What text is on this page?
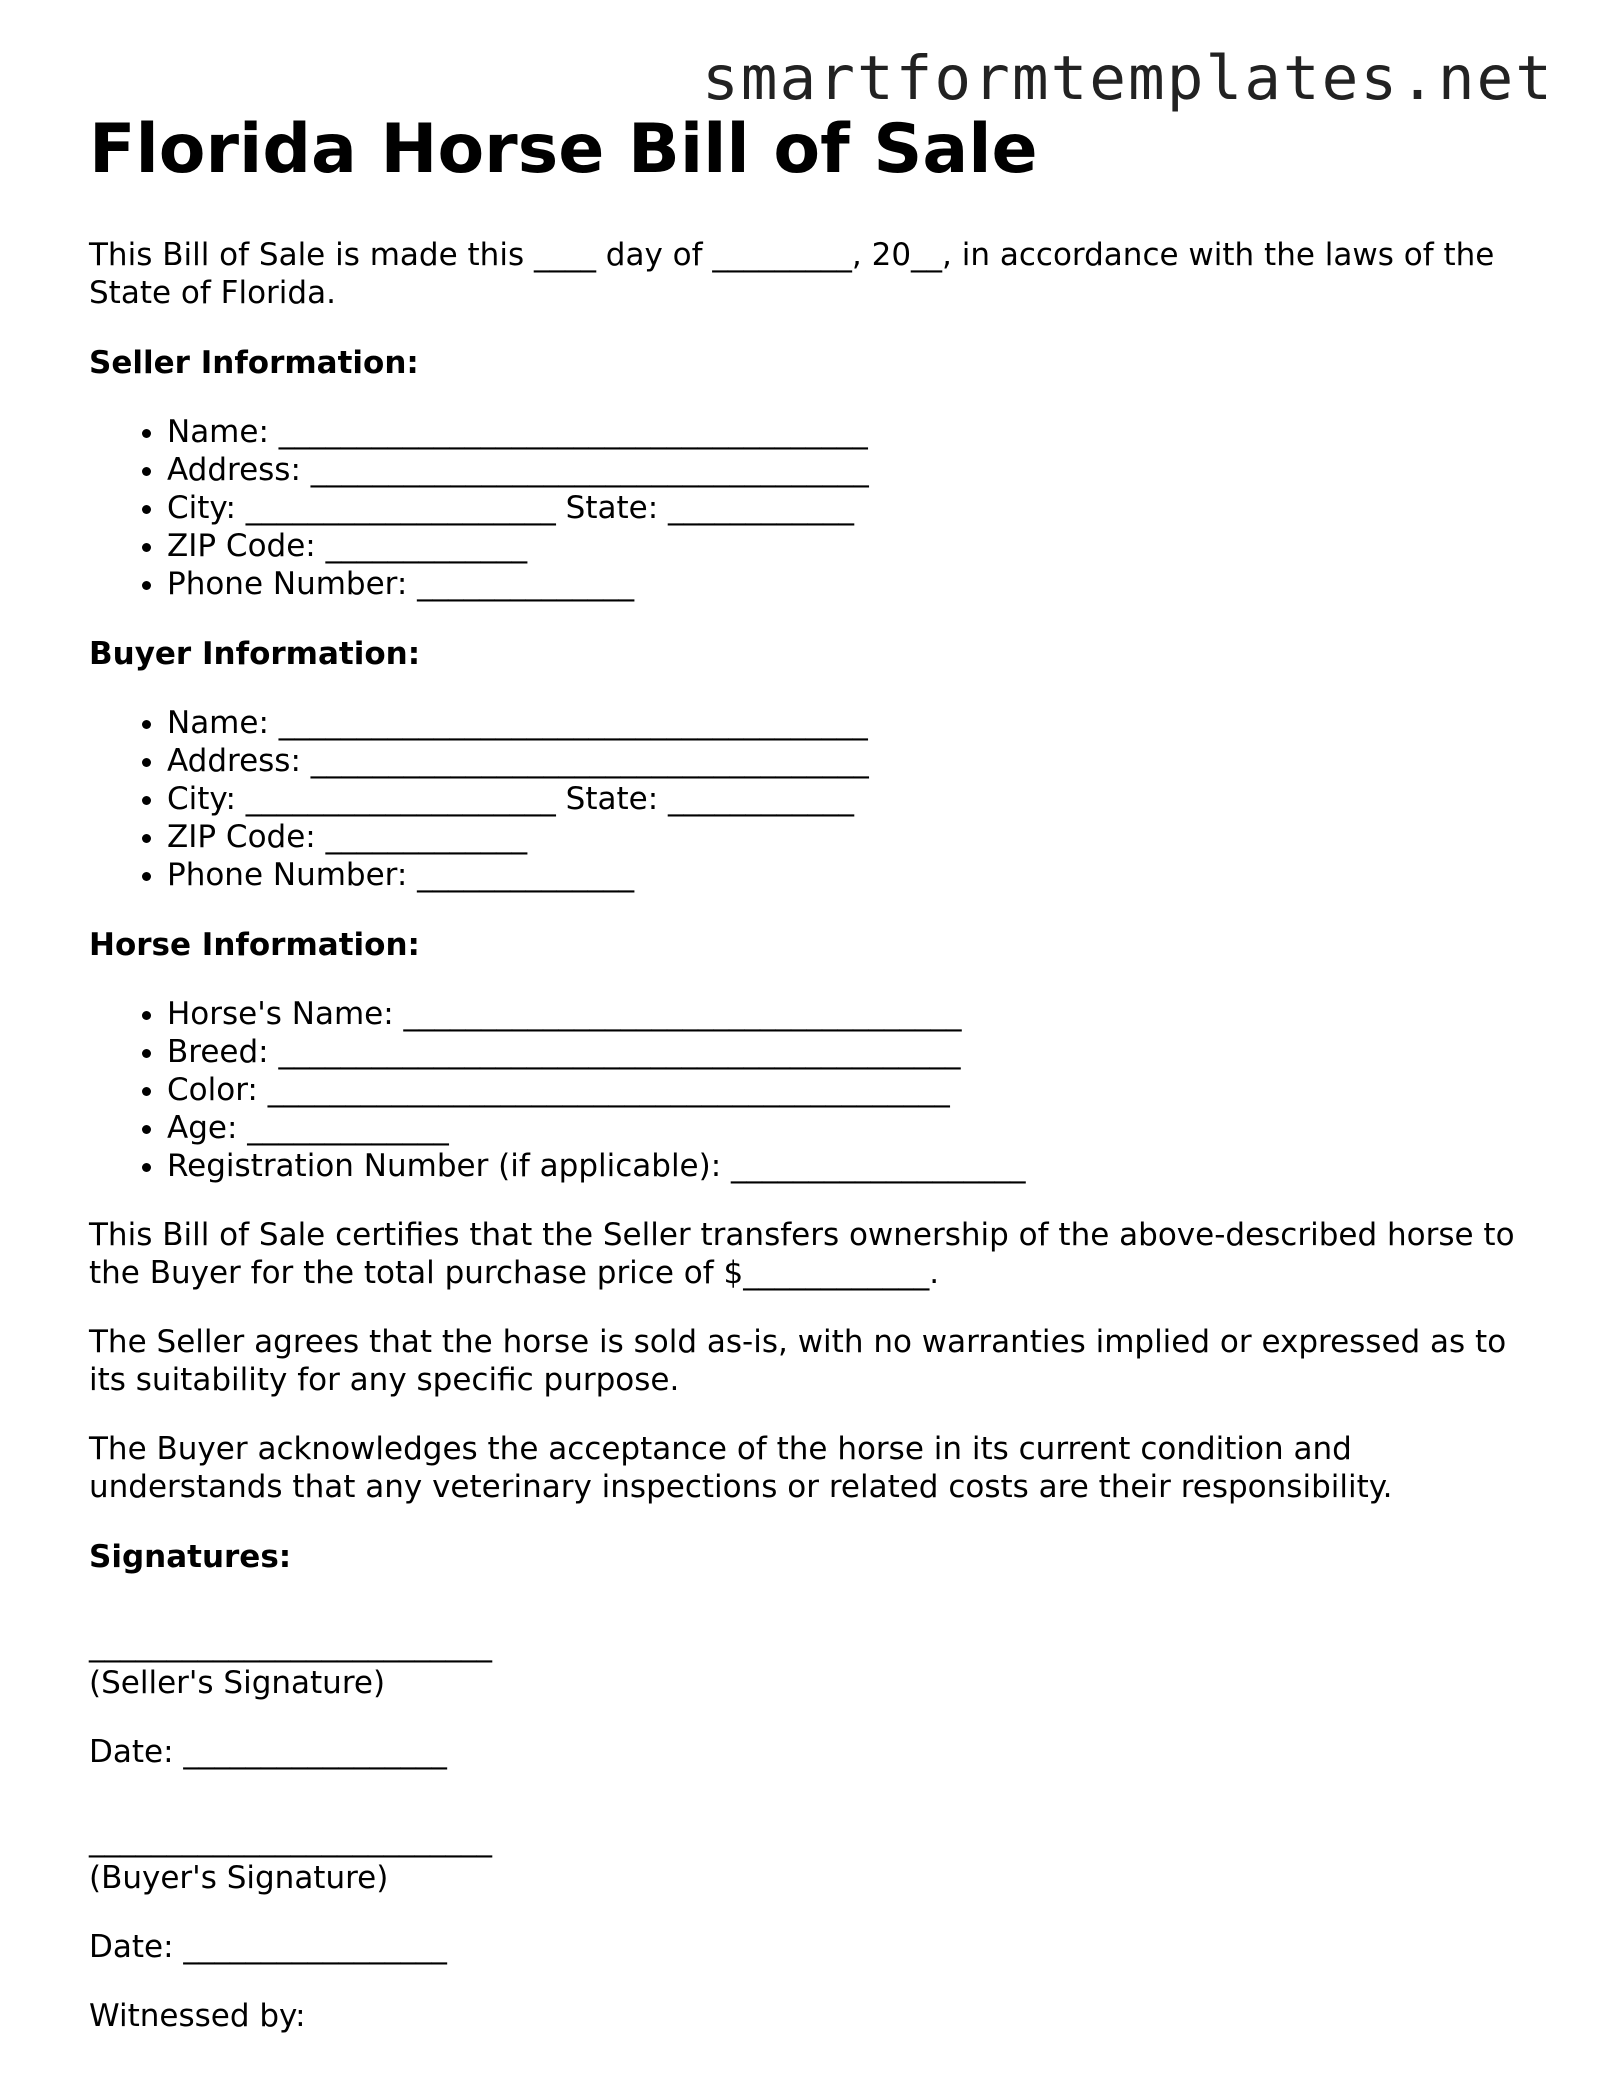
smartformtemplates.net
Florida Horse Bill of Sale

This Bill of Sale is made this ____ day of _________, 20__, in accordance with the laws of the State of Florida.

Seller Information:
• Name: ______________________________________
• Address: ____________________________________
• City: ____________________ State: ____________
• ZIP Code: _____________
• Phone Number: ______________
Buyer Information:
• Name: ______________________________________
• Address: ____________________________________
• City: ____________________ State: ____________
• ZIP Code: _____________
• Phone Number: ______________
Horse Information:
• Horse's Name: ____________________________________
• Breed: ____________________________________________
• Color: ____________________________________________
• Age: _____________
• Registration Number (if applicable): ___________________

This Bill of Sale certifies that the Seller transfers ownership of the above-described horse to the Buyer for the total purchase price of $____________.

The Seller agrees that the horse is sold as-is, with no warranties implied or expressed as to its suitability for any specific purpose.

The Buyer acknowledges the acceptance of the horse in its current condition and understands that any veterinary inspections or related costs are their responsibility.

Signatures:
__________________________
(Seller's Signature)
Date: _________________
__________________________
(Buyer's Signature)
Date: _________________
Witnessed by:
